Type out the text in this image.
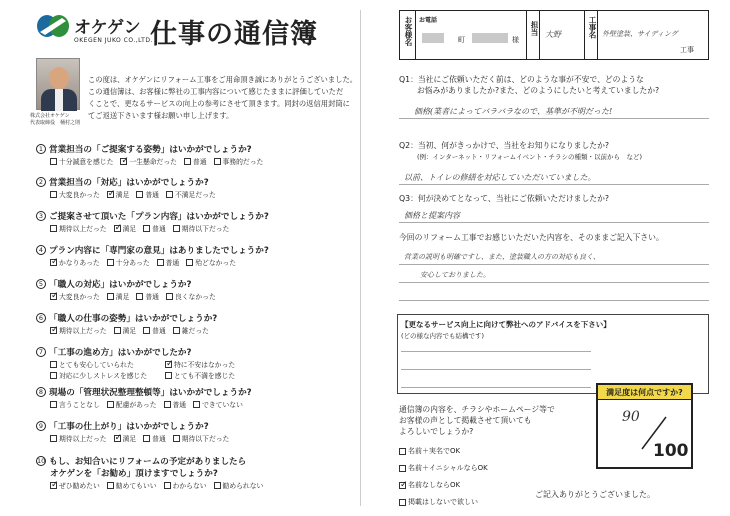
オケゲン
OKEGEN JUKO CO.,LTD.
仕事の通信簿
株式会社オケゲン
代表取締役　桶村之則
この度は、オケゲンにリフォーム工事をご用命頂き誠にありがとうございました。
この通信簿は、お客様に弊社の工事内容について感じたままに評価していただ
くことで、更なるサービスの向上の参考にさせて頂きます。同封の返信用封筒に
てご返送下さいます様お願い申し上げます。
1 営業担当の「ご提案する姿勢」はいかがでしょうか?
十分誠意を感じた ✓ 一生懸命だった 普通 事務的だった
2 営業担当の「対応」はいかがでしょうか?
大変良かった ✓ 満足 普通 不満足だった
3 ご提案させて頂いた「プラン内容」はいかがでしょうか?
期待以上だった ✓ 満足 普通 期待以下だった
4 プラン内容に「専門家の意見」はありましたでしょうか?
✓
かなりあった 十分あった 普通 殆どなかった
5 「職人の対応」はいかがでしょうか?
✓
大変良かった 満足 普通 良くなかった
6 「職人の仕事の姿勢」はいかがでしょうか?
✓
期待以上だった 満足 普通 雑だった
7 「工事の進め方」はいかがでしたか?
とても安心していられた ✓	特に不安はなかった
対応に少しストレスを感じた	とても不満を感じた
8 現場の「管理状況整理整頓等」はいかがでしょうか?
言うことなし 配慮があった 普通 できていない
9 「工事の仕上がり」はいかがでしょうか?
期待以上だった ✓ 満足 普通 期待以下だった
10 もし、お知合いにリフォームの予定がありましたら
オケゲンを「お勧め」頂けますでしょうか?
✓
ぜひ勧めたい 勧めてもいい わからない 勧められない
お客様名 お電話
町	様
担当 大野	工事名 外壁塗装、サイディング
工事
Q1：当社にご依頼いただく前は、どのような事が不安で、どのような
お悩みがありましたか?また、どのようにしたいと考えていましたか?
価格(業者によってバラバラなので、基準が不明だった!
Q2：当初、何がきっかけで、当社をお知りになりましたか?
(例：インターネット・リフォームイベント・チラシの種類・以前から　など)
以前、トイレの修繕を対応していただいていました。
Q3：何が決めてとなって、当社にご依頼いただけましたか?
価格と提案内容
今回のリフォーム工事でお感じいただいた内容を、そのままご記入下さい。
営業の説明も明確ですし、また、塗装職人の方の対応も良く、
安心しておりました。
【更なるサービス向上に向けて弊社へのアドバイスを下さい】
(どの様な内容でも結構です)
満足度は何点ですか?
90
100
通信簿の内容を、チラシやホームページ等で
お客様の声として掲載させて頂いても
よろしいでしょうか?
名前＋実名でOK
名前＋イニシャルならOK
✓
名前なしならOK
掲載はしないで欲しい
ご記入ありがとうございました。
